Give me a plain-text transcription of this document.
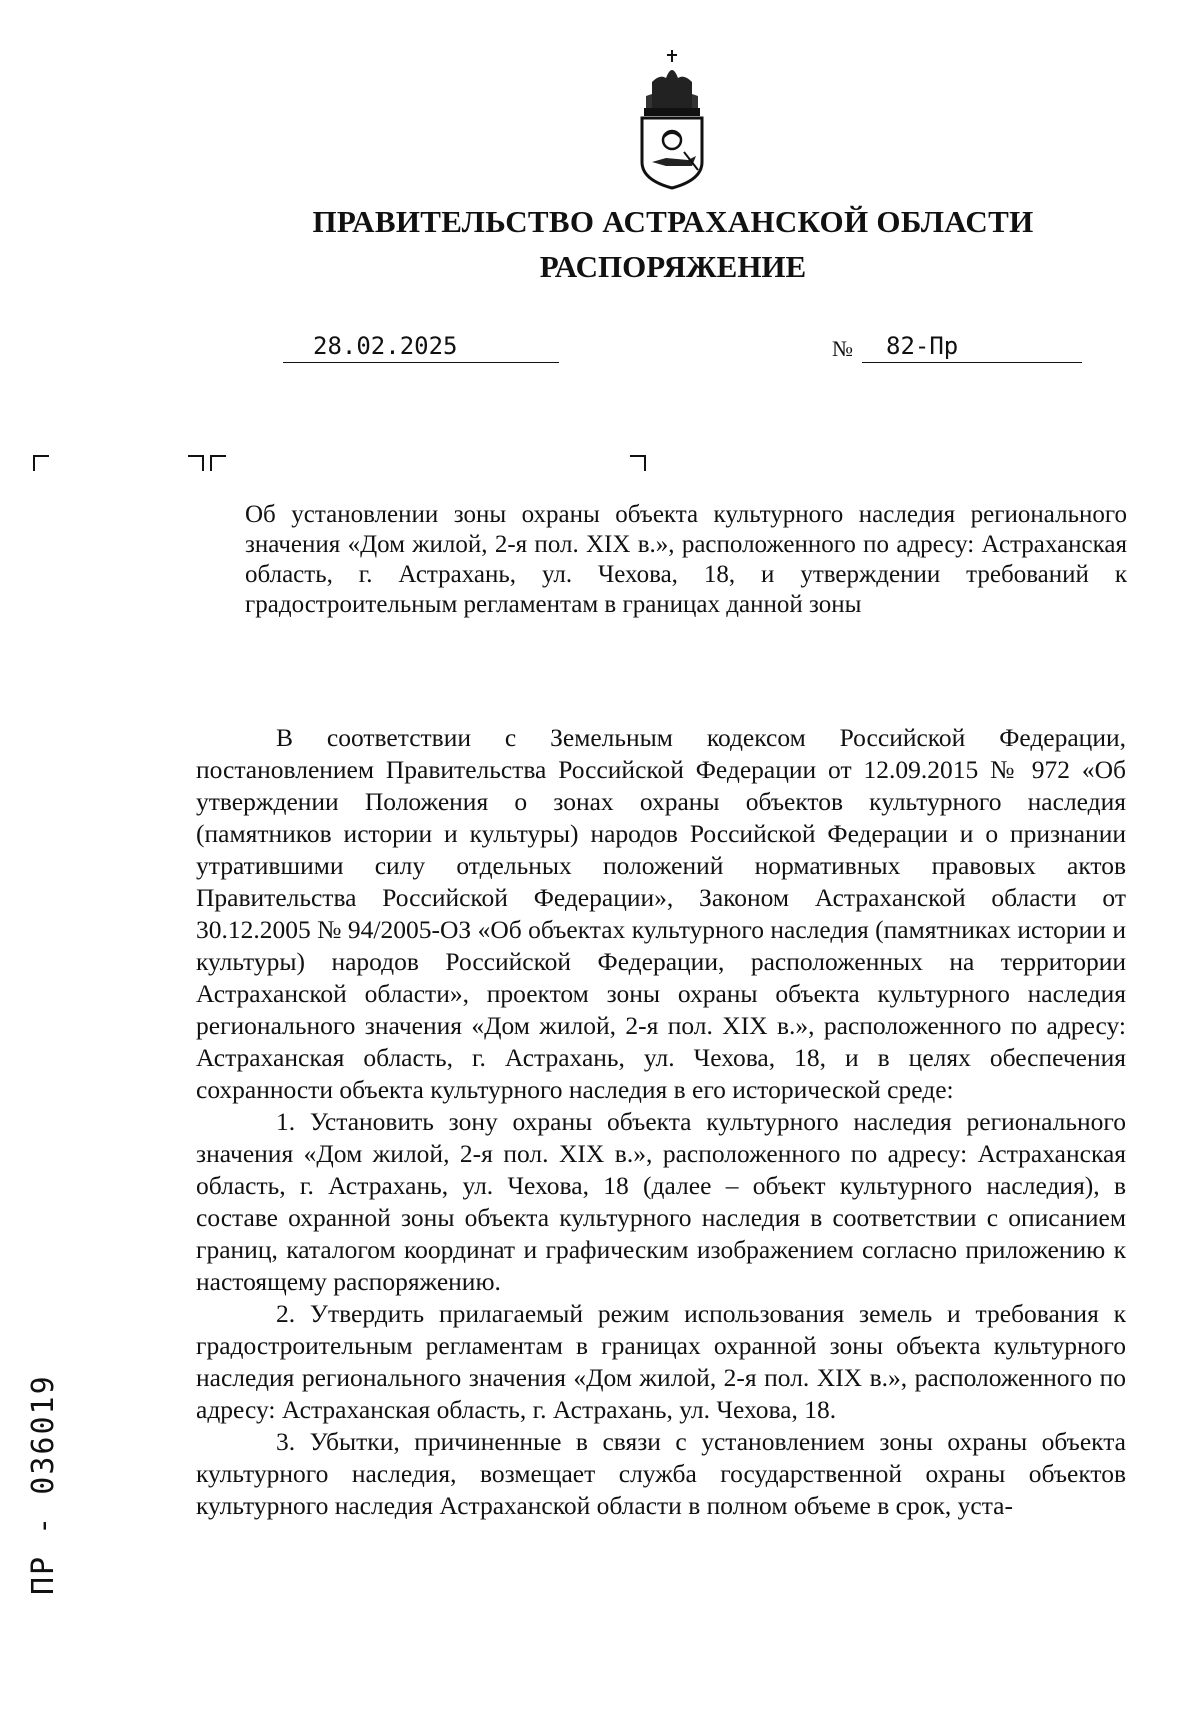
ПРАВИТЕЛЬСТВО АСТРАХАНСКОЙ ОБЛАСТИ
РАСПОРЯЖЕНИЕ
28.02.2025	№ 82-Пр

Об установлении зоны охраны объекта культурного наследия регионального значения «Дом жилой, 2-я пол. XIX в.», расположенного по адресу: Астраханская область, г. Астрахань, ул. Чехова, 18, и утверждении требований к градостроительным регламентам в границах данной зоны

В соответствии с Земельным кодексом Российской Федерации, постановлением Правительства Российской Федерации от 12.09.2015 № 972 «Об утверждении Положения о зонах охраны объектов культурного наследия (памятников истории и культуры) народов Российской Федерации и о признании утратившими силу отдельных положений нормативных правовых актов Правительства Российской Федерации», Законом Астраханской области от 30.12.2005 № 94/2005-ОЗ «Об объектах культурного наследия (памятниках истории и культуры) народов Российской Федерации, расположенных на территории Астраханской области», проектом зоны охраны объекта культурного наследия регионального значения «Дом жилой, 2-я пол. XIX в.», расположенного по адресу: Астраханская область, г. Астрахань, ул. Чехова, 18, и в целях обеспечения сохранности объекта культурного наследия в его исторической среде:

1. Установить зону охраны объекта культурного наследия регионального значения «Дом жилой, 2-я пол. XIX в.», расположенного по адресу: Астраханская область, г. Астрахань, ул. Чехова, 18 (далее – объект культурного наследия), в составе охранной зоны объекта культурного наследия в соответствии с описанием границ, каталогом координат и графическим изображением согласно приложению к настоящему распоряжению.

2. Утвердить прилагаемый режим использования земель и требования к градостроительным регламентам в границах охранной зоны объекта культурного наследия регионального значения «Дом жилой, 2-я пол. XIX в.», расположенного по адресу: Астраханская область, г. Астрахань, ул. Чехова, 18.

3. Убытки, причиненные в связи с установлением зоны охраны объекта культурного наследия, возмещает служба государственной охраны объектов культурного наследия Астраханской области в полном объеме в срок, уста-

ПР - 036019
